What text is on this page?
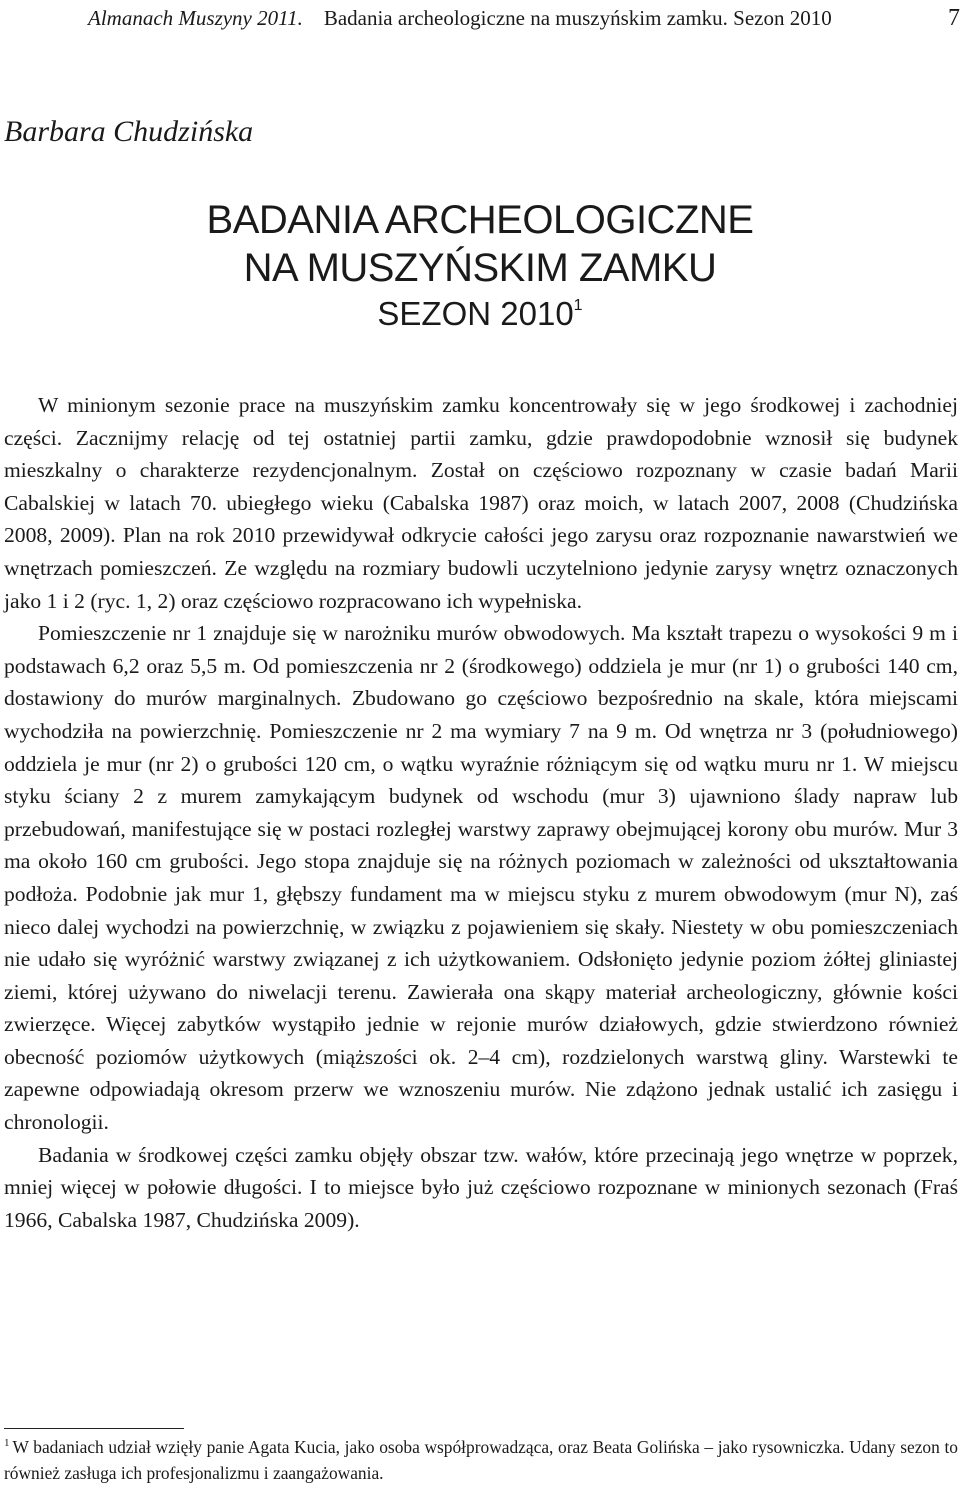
Almanach Muszyny 2011. Badania archeologiczne na muszyńskim zamku. Sezon 2010	7
Barbara Chudzińska
BADANIA ARCHEOLOGICZNE
NA MUSZYŃSKIM ZAMKU
SEZON 2010$^1$

W minionym sezonie prace na muszyńskim zamku koncentrowały się w jego środkowej i zachodniej części. Zacznijmy relację od tej ostatniej partii zamku, gdzie prawdopodobnie wznosił się budynek mieszkalny o charakterze rezydencjonalnym. Został on częściowo rozpoznany w czasie badań Marii Cabalskiej w latach 70. ubiegłego wieku (Cabalska 1987) oraz moich, w latach 2007, 2008 (Chudzińska 2008, 2009). Plan na rok 2010 przewidywał odkrycie całości jego zarysu oraz rozpoznanie nawarstwień we wnętrzach pomieszczeń. Ze względu na rozmiary budowli uczytelniono jedynie zarysy wnętrz oznaczonych jako 1 i 2 (ryc. 1, 2) oraz częściowo rozpracowano ich wypełniska.

Pomieszczenie nr 1 znajduje się w narożniku murów obwodowych. Ma kształt trapezu o wysokości 9 m i podstawach 6,2 oraz 5,5 m. Od pomieszczenia nr 2 (środkowego) oddziela je mur (nr 1) o grubości 140 cm, dostawiony do murów marginalnych. Zbudowano go częściowo bezpośrednio na skale, która miejscami wychodziła na powierzchnię. Pomieszczenie nr 2 ma wymiary 7 na 9 m. Od wnętrza nr 3 (południowego) oddziela je mur (nr 2) o grubości 120 cm, o wątku wyraźnie różniącym się od wątku muru nr 1. W miejscu styku ściany 2 z murem zamykającym budynek od wschodu (mur 3) ujawniono ślady napraw lub przebudowań, manifestujące się w postaci rozległej warstwy zaprawy obejmującej korony obu murów. Mur 3 ma około 160 cm grubości. Jego stopa znajduje się na różnych poziomach w zależności od ukształtowania podłoża. Podobnie jak mur 1, głębszy fundament ma w miejscu styku z murem obwodowym (mur N), zaś nieco dalej wychodzi na powierzchnię, w związku z pojawieniem się skały. Niestety w obu pomieszczeniach nie udało się wyróżnić warstwy związanej z ich użytkowaniem. Odsłonięto jedynie poziom żółtej gliniastej ziemi, której używano do niwelacji terenu. Zawierała ona skąpy materiał archeologiczny, głównie kości zwierzęce. Więcej zabytków wystąpiło jednie w rejonie murów działowych, gdzie stwierdzono również obecność poziomów użytkowych (miąższości ok. 2–4 cm), rozdzielonych warstwą gliny. Warstewki te zapewne odpowiadają okresom przerw we wznoszeniu murów. Nie zdążono jednak ustalić ich zasięgu i chronologii.

Badania w środkowej części zamku objęły obszar tzw. wałów, które przecinają jego wnętrze w poprzek, mniej więcej w połowie długości. I to miejsce było już częściowo rozpoznane w minionych sezonach (Fraś 1966, Cabalska 1987, Chudzińska 2009).

$^1$ W badaniach udział wzięły panie Agata Kucia, jako osoba współprowadząca, oraz Beata Golińska – jako rysowniczka. Udany sezon to również zasługa ich profesjonalizmu i zaangażowania.
